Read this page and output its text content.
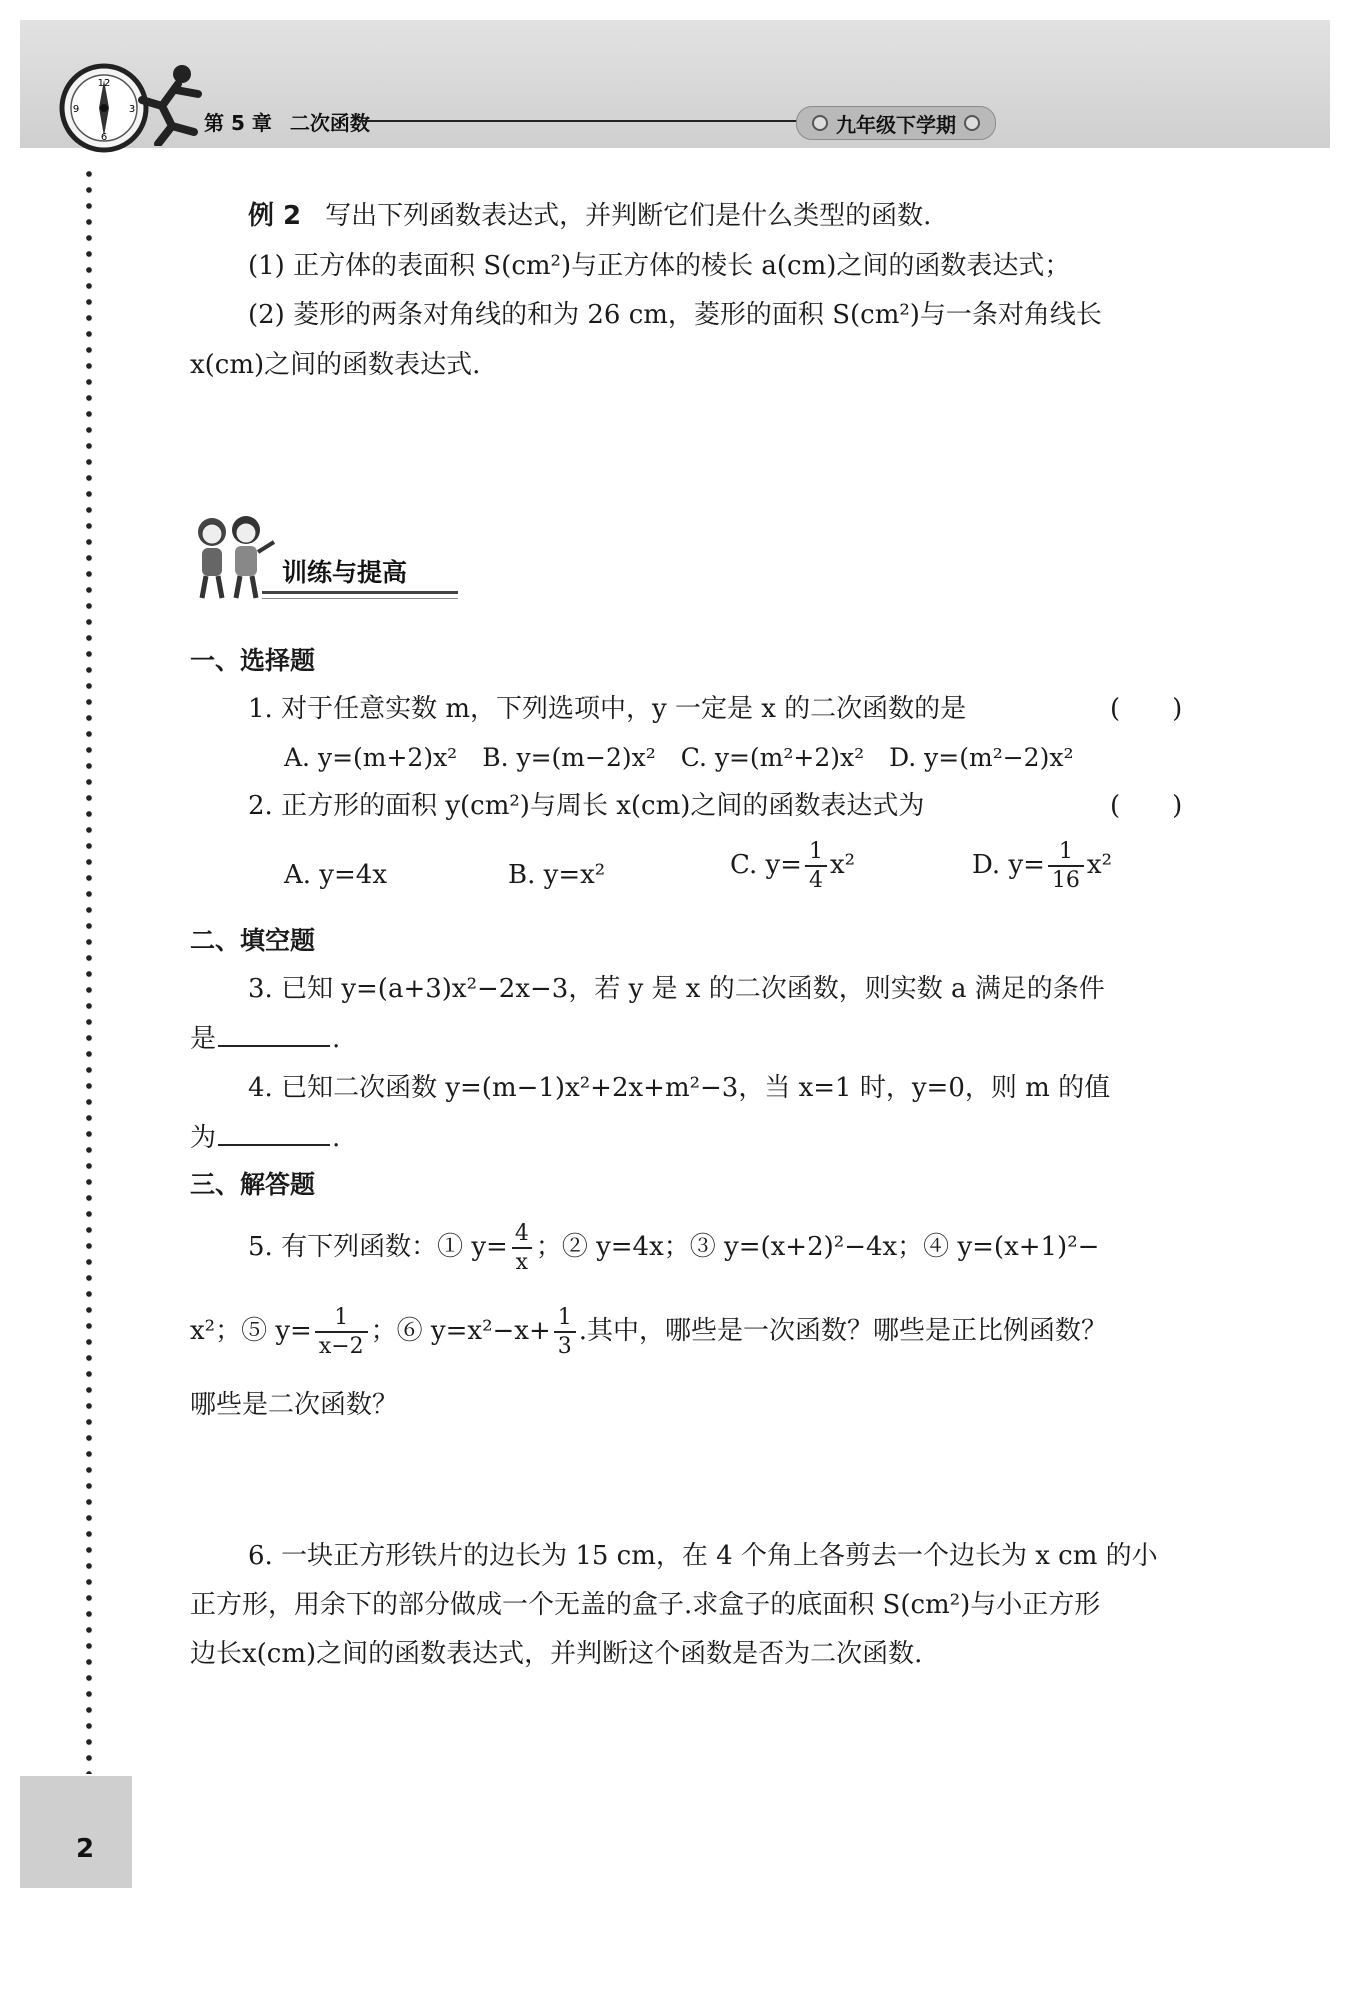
12
3
6
9
第 5 章 二次函数	九年级下学期
例 2 写出下列函数表达式，并判断它们是什么类型的函数.
(1) 正方体的表面积 S(cm²)与正方体的棱长 a(cm)之间的函数表达式；
(2) 菱形的两条对角线的和为 26 cm，菱形的面积 S(cm²)与一条对角线长
x(cm)之间的函数表达式.
训练与提高
一、选择题
1. 对于任意实数 m，下列选项中，y 一定是 x 的二次函数的是	(　　)
A. y=(m+2)x²　B. y=(m−2)x²　C. y=(m²+2)x²　D. y=(m²−2)x²
2. 正方形的面积 y(cm²)与周长 x(cm)之间的函数表达式为	(　　)
A. y=4x	B. y=x²	C. $y= \frac{1}{4} x^2$	D. $y= \frac{1}{16} x^2$
二、填空题
3. 已知 y=(a+3)x²−2x−3，若 y 是 x 的二次函数，则实数 a 满足的条件
是	.
4. 已知二次函数 y=(m−1)x²+2x+m²−3，当 x=1 时，y=0，则 m 的值
为	.
三、解答题
5. 有下列函数：① $y= \frac{4}{x}$ ；② y=4x；③ y=(x+2)²−4x；④ y=(x+1)²−
x²；⑤ $y= \frac{1}{x-2}$ ；⑥ $y=x^2-x+ \frac{1}{3}$ .其中，哪些是一次函数？哪些是正比例函数？
哪些是二次函数？
6. 一块正方形铁片的边长为 15 cm，在 4 个角上各剪去一个边长为 x cm 的小
正方形，用余下的部分做成一个无盖的盒子.求盒子的底面积 S(cm²)与小正方形
边长x(cm)之间的函数表达式，并判断这个函数是否为二次函数.
2
